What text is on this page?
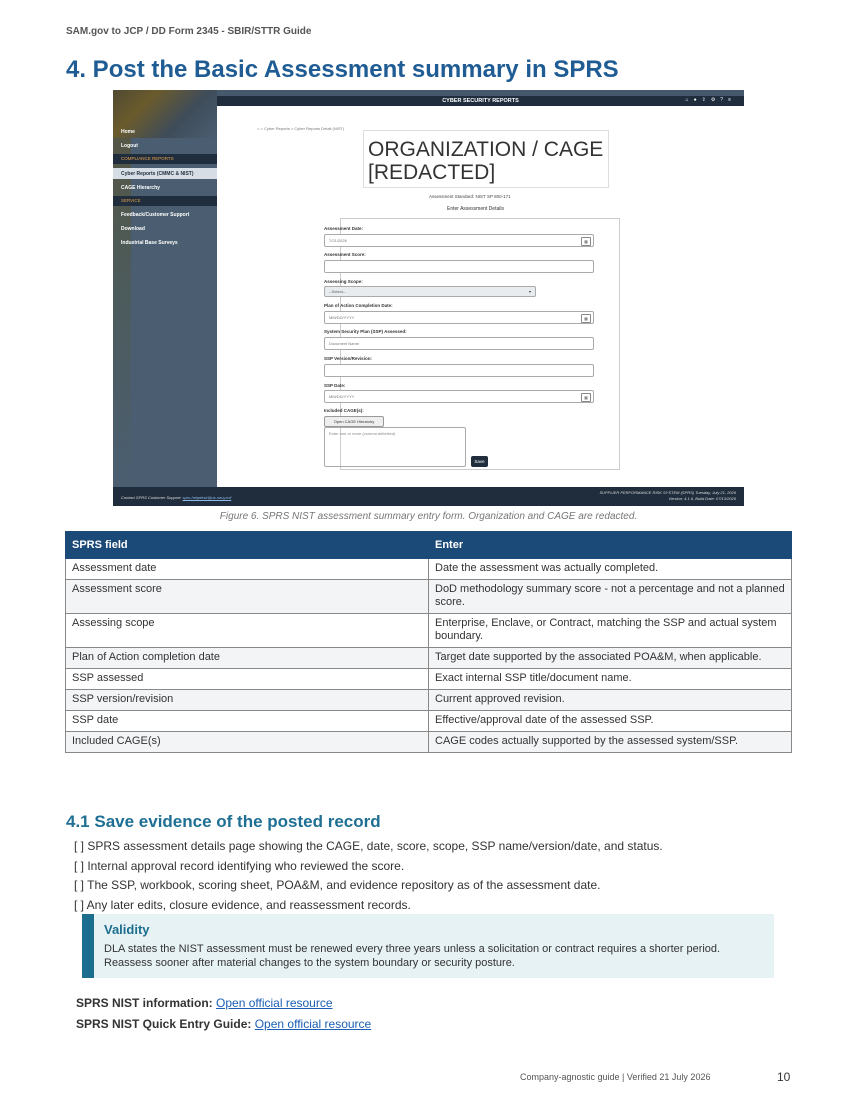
SAM.gov to JCP / DD Form 2345 - SBIR/STTR Guide
4. Post the Basic Assessment summary in SPRS
Home
Logout
COMPLIANCE REPORTS
Cyber Reports (CMMC & NIST)
CAGE Hierarchy
SERVICE
Feedback/Customer Support
Download
Industrial Base Surveys
CYBER SECURITY REPORTS	⌂●⇪⚙?≡
⌂ > Cyber Reports > Cyber Reports Detail (NIST)
ORGANIZATION / CAGE
[REDACTED]
Assessment Standard: NIST SP 800-171
Enter Assessment Details
Assessment Date:
7/21/2026	▦
Assessment Score:
Assessing Scope:
--Select--	▾
Plan of Action Completion Date:
MM/DD/YYYY	▦
System Security Plan (SSP) Assessed:
Document Name
SSP Version/Revision:
SSP Date:
MM/DD/YYYY	▦
Included CAGE(s):
Open CAGE Hierarchy
Enter one or more (comma delimited)
Save
Contact SPRS Customer Support: sprs-helpdesk@us.navy.mil
SUPPLIER PERFORMANCE RISK SYSTEM (SPRS) Tuesday, July 21, 2026
Version: 4.1.6, Build Date: 07/13/2026
Figure 6. SPRS NIST assessment summary entry form. Organization and CAGE are redacted.
SPRS field	Enter
Assessment date	Date the assessment was actually completed.
Assessment score	DoD methodology summary score - not a percentage and not a planned score.
Assessing scope	Enterprise, Enclave, or Contract, matching the SSP and actual system boundary.
Plan of Action completion date	Target date supported by the associated POA&M, when applicable.
SSP assessed	Exact internal SSP title/document name.
SSP version/revision	Current approved revision.
SSP date	Effective/approval date of the assessed SSP.
Included CAGE(s)	CAGE codes actually supported by the assessed system/SSP.
4.1 Save evidence of the posted record
[ ] SPRS assessment details page showing the CAGE, date, score, scope, SSP name/version/date, and status.
[ ] Internal approval record identifying who reviewed the score.
[ ] The SSP, workbook, scoring sheet, POA&M, and evidence repository as of the assessment date.
[ ] Any later edits, closure evidence, and reassessment records.
Validity
DLA states the NIST assessment must be renewed every three years unless a solicitation or contract requires a shorter period. Reassess sooner after material changes to the system boundary or security posture.
SPRS NIST information: Open official resource
SPRS NIST Quick Entry Guide: Open official resource
Company-agnostic guide | Verified 21 July 2026	10
